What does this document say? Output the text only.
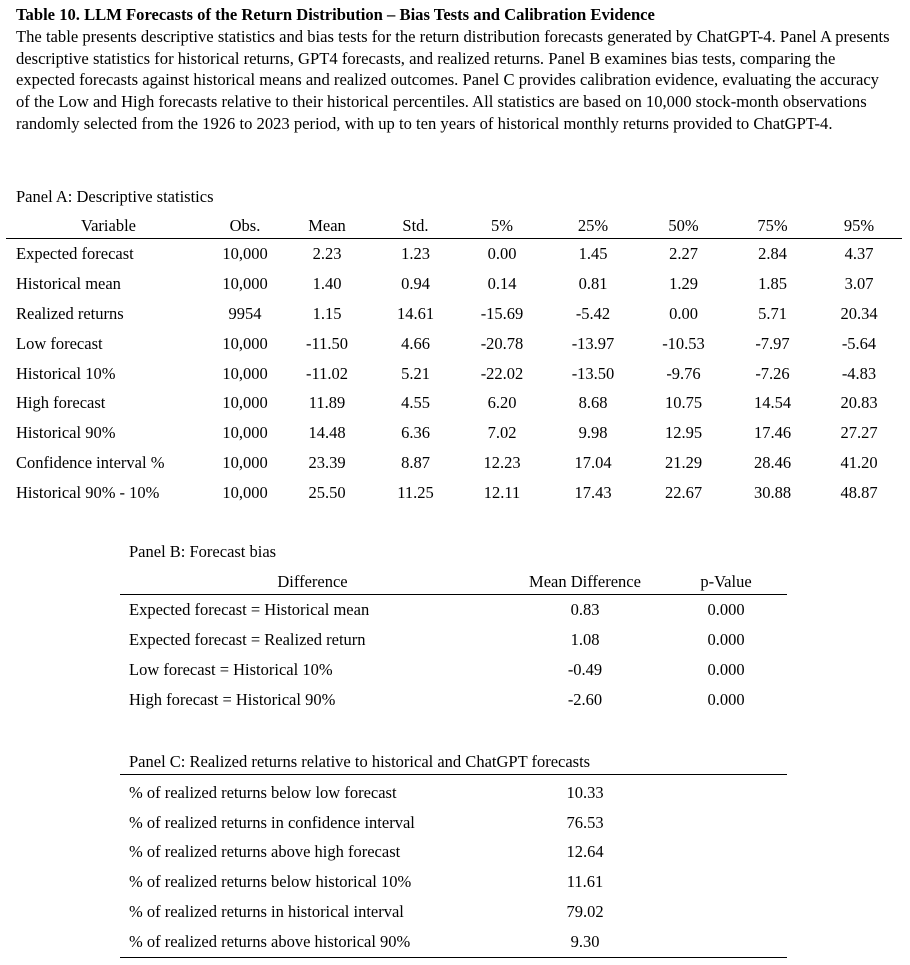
Table 10. LLM Forecasts of the Return Distribution – Bias Tests and Calibration Evidence
The table presents descriptive statistics and bias tests for the return distribution forecasts generated by ChatGPT-4. Panel A presents descriptive statistics for historical returns, GPT4 forecasts, and realized returns. Panel B examines bias tests, comparing the expected forecasts against historical means and realized outcomes. Panel C provides calibration evidence, evaluating the accuracy of the Low and High forecasts relative to their historical percentiles. All statistics are based on 10,000 stock-month observations randomly selected from the 1926 to 2023 period, with up to ten years of historical monthly returns provided to ChatGPT-4.
Panel A: Descriptive statistics
Variable	Obs.	Mean	Std.	5%	25%	50%	75%	95%
Expected forecast	10,000	2.23	1.23	0.00	1.45	2.27	2.84	4.37
Historical mean	10,000	1.40	0.94	0.14	0.81	1.29	1.85	3.07
Realized returns	9954	1.15	14.61	-15.69	-5.42	0.00	5.71	20.34
Low forecast	10,000	-11.50	4.66	-20.78	-13.97	-10.53	-7.97	-5.64
Historical 10%	10,000	-11.02	5.21	-22.02	-13.50	-9.76	-7.26	-4.83
High forecast	10,000	11.89	4.55	6.20	8.68	10.75	14.54	20.83
Historical 90%	10,000	14.48	6.36	7.02	9.98	12.95	17.46	27.27
Confidence interval %	10,000	23.39	8.87	12.23	17.04	21.29	28.46	41.20
Historical 90% - 10%	10,000	25.50	11.25	12.11	17.43	22.67	30.88	48.87
Panel B: Forecast bias
Difference	Mean Difference	p-Value
Expected forecast = Historical mean	0.83	0.000
Expected forecast = Realized return	1.08	0.000
Low forecast = Historical 10%	-0.49	0.000
High forecast = Historical 90%	-2.60	0.000
Panel C: Realized returns relative to historical and ChatGPT forecasts
% of realized returns below low forecast	10.33	
% of realized returns in confidence interval	76.53	
% of realized returns above high forecast	12.64	
% of realized returns below historical 10%	11.61	
% of realized returns in historical interval	79.02	
% of realized returns above historical 90%	9.30	
